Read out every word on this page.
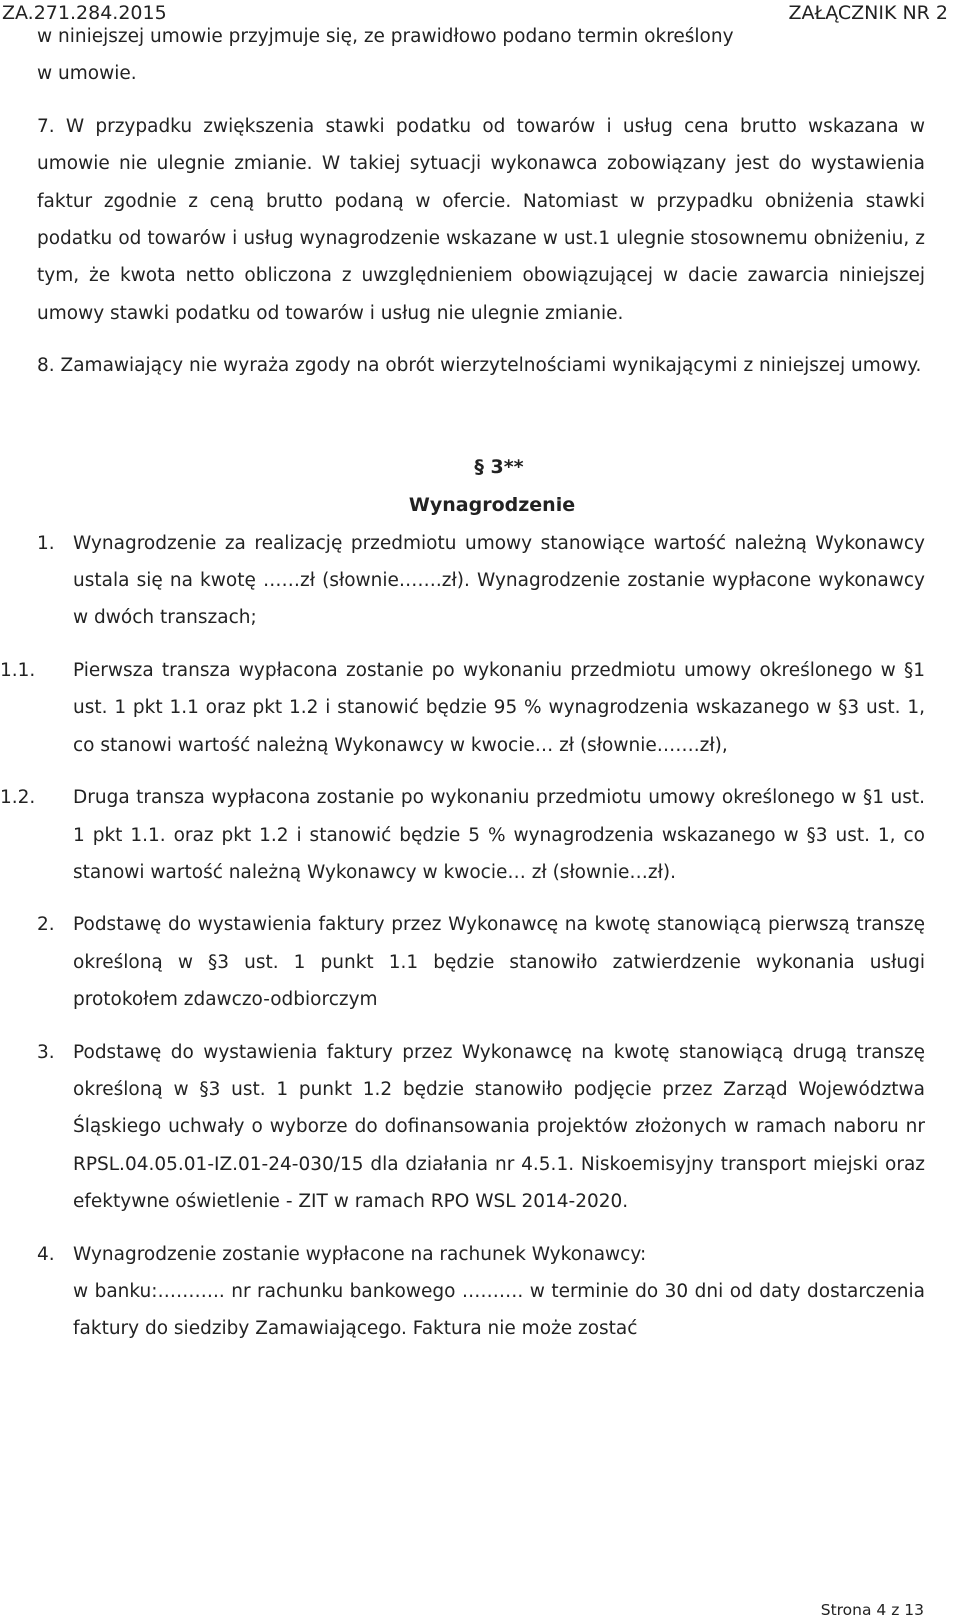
ZA.271.284.2015	ZAŁĄCZNIK NR 2

w niniejszej umowie przyjmuje się, ze prawidłowo podano termin określony

w umowie.

7. W przypadku zwiększenia stawki podatku od towarów i usług cena brutto wskazana w umowie nie ulegnie zmianie. W takiej sytuacji wykonawca zobowiązany jest do wystawienia faktur zgodnie z ceną brutto podaną w ofercie. Natomiast w przypadku obniżenia stawki podatku od towarów i usług wynagrodzenie wskazane w ust.1 ulegnie stosownemu obniżeniu, z tym, że kwota netto obliczona z uwzględnieniem obowiązującej w dacie zawarcia niniejszej umowy stawki podatku od towarów i usług nie ulegnie zmianie.
8. Zamawiający nie wyraża zgody na obrót wierzytelnościami wynikającymi z niniejszej umowy.
§ 3**
Wynagrodzenie
1. Wynagrodzenie za realizację przedmiotu umowy stanowiące wartość należną Wykonawcy ustala się na kwotę ……zł (słownie…….zł). Wynagrodzenie zostanie wypłacone wykonawcy w dwóch transzach;
1.1.	Pierwsza transza wypłacona zostanie po wykonaniu przedmiotu umowy określonego w §1 ust. 1 pkt 1.1 oraz pkt 1.2 i stanowić będzie 95 % wynagrodzenia wskazanego w §3 ust. 1, co stanowi wartość należną Wykonawcy w kwocie… zł (słownie…….zł),
1.2.	Druga transza wypłacona zostanie po wykonaniu przedmiotu umowy określonego w §1 ust. 1 pkt 1.1. oraz pkt 1.2 i stanowić będzie 5 % wynagrodzenia wskazanego w §3 ust. 1, co stanowi wartość należną Wykonawcy w kwocie… zł (słownie…zł).
2. Podstawę do wystawienia faktury przez Wykonawcę na kwotę stanowiącą pierwszą transzę określoną w §3 ust. 1 punkt 1.1 będzie stanowiło zatwierdzenie wykonania usługi protokołem zdawczo-odbiorczym
3. Podstawę do wystawienia faktury przez Wykonawcę na kwotę stanowiącą drugą transzę określoną w §3 ust. 1 punkt 1.2 będzie stanowiło podjęcie przez Zarząd Województwa Śląskiego uchwały o wyborze do dofinansowania projektów złożonych w ramach naboru nr RPSL.04.05.01-IZ.01-24-030/15 dla działania nr 4.5.1. Niskoemisyjny transport miejski oraz efektywne oświetlenie - ZIT w ramach RPO WSL 2014-2020.
4. Wynagrodzenie zostanie wypłacone na rachunek Wykonawcy:
w banku:……….. nr rachunku bankowego ………. w terminie do 30 dni od daty dostarczenia faktury do siedziby Zamawiającego. Faktura nie może zostać
Strona 4 z 13
